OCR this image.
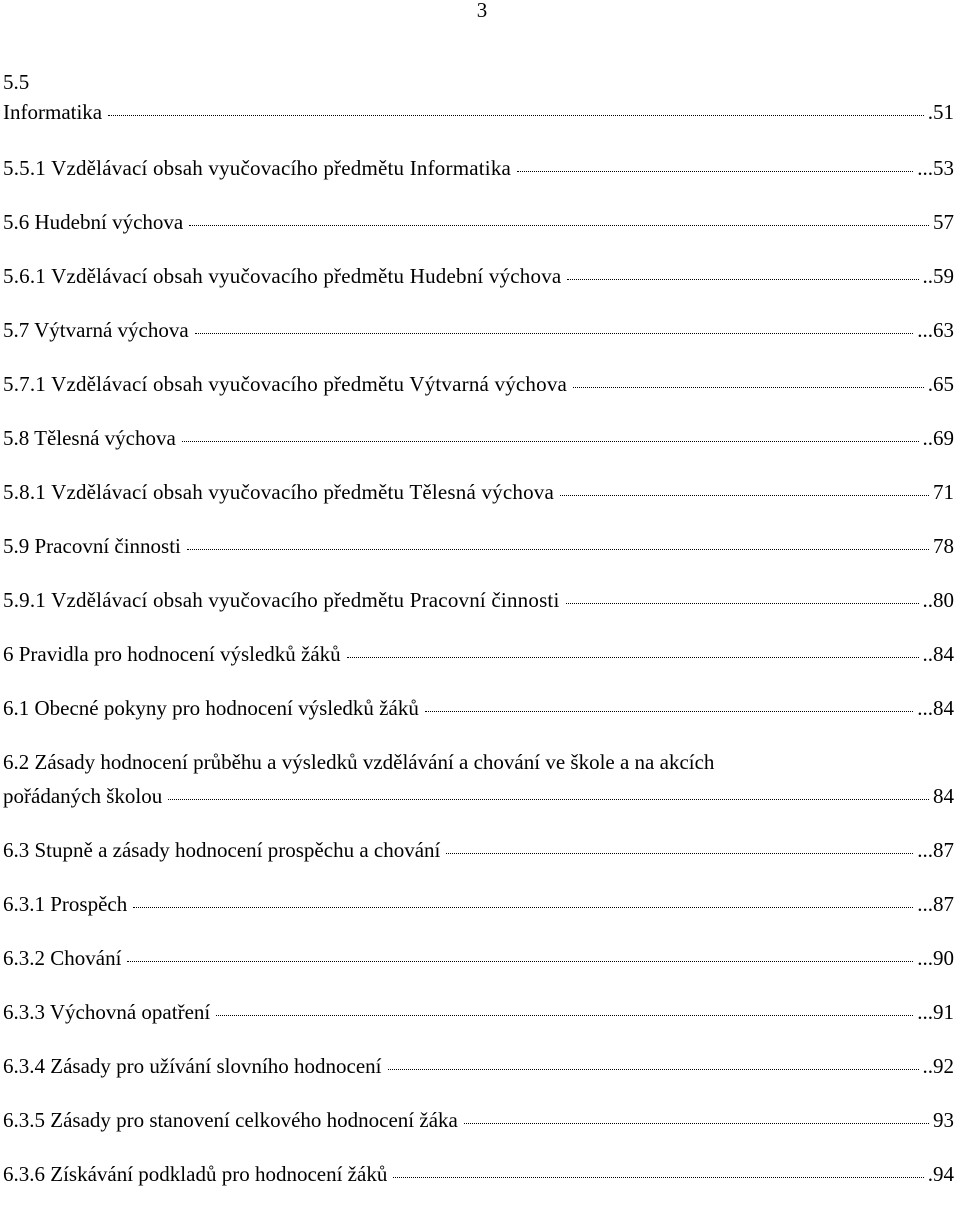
3
5.5
Informatika	.51
5.5.1 Vzdělávací obsah vyučovacího předmětu Informatika	...53
5.6 Hudební výchova	57
5.6.1 Vzdělávací obsah vyučovacího předmětu Hudební výchova	..59
5.7 Výtvarná výchova	...63
5.7.1 Vzdělávací obsah vyučovacího předmětu Výtvarná výchova	.65
5.8 Tělesná výchova	..69
5.8.1 Vzdělávací obsah vyučovacího předmětu Tělesná výchova	71
5.9 Pracovní činnosti	78
5.9.1 Vzdělávací obsah vyučovacího předmětu Pracovní činnosti	..80
6 Pravidla pro hodnocení výsledků žáků	..84
6.1 Obecné pokyny pro hodnocení výsledků žáků	...84
6.2 Zásady hodnocení průběhu a výsledků vzdělávání a chování ve škole a na akcích
pořádaných školou	84
6.3 Stupně a zásady hodnocení prospěchu a chování	...87
6.3.1 Prospěch	...87
6.3.2 Chování	...90
6.3.3 Výchovná opatření	...91
6.3.4 Zásady pro užívání slovního hodnocení	..92
6.3.5 Zásady pro stanovení celkového hodnocení žáka	93
6.3.6 Získávání podkladů pro hodnocení žáků	.94
